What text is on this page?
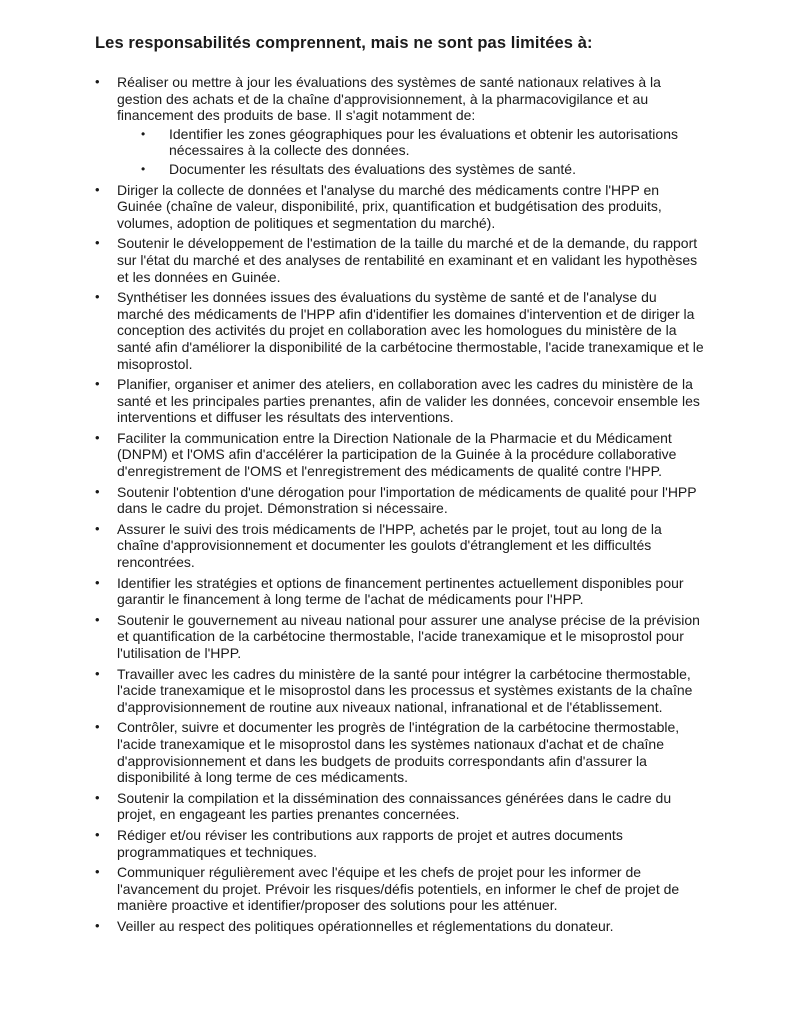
Les responsabilités comprennent, mais ne sont pas limitées à:
• Réaliser ou mettre à jour les évaluations des systèmes de santé nationaux relatives à la gestion des achats et de la chaîne d'approvisionnement, à la pharmacovigilance et au financement des produits de base. Il s'agit notamment de:
•	Identifier les zones géographiques pour les évaluations et obtenir les autorisations nécessaires à la collecte des données.
•	Documenter les résultats des évaluations des systèmes de santé.
• Diriger la collecte de données et l'analyse du marché des médicaments contre l'HPP en Guinée (chaîne de valeur, disponibilité, prix, quantification et budgétisation des produits, volumes, adoption de politiques et segmentation du marché).
• Soutenir le développement de l'estimation de la taille du marché et de la demande, du rapport sur l'état du marché et des analyses de rentabilité en examinant et en validant les hypothèses et les données en Guinée.
• Synthétiser les données issues des évaluations du système de santé et de l'analyse du marché des médicaments de l'HPP afin d'identifier les domaines d'intervention et de diriger la conception des activités du projet en collaboration avec les homologues du ministère de la santé afin d'améliorer la disponibilité de la carbétocine thermostable, l'acide tranexamique et le misoprostol.
• Planifier, organiser et animer des ateliers, en collaboration avec les cadres du ministère de la santé et les principales parties prenantes, afin de valider les données, concevoir ensemble les interventions et diffuser les résultats des interventions.
• Faciliter la communication entre la Direction Nationale de la Pharmacie et du Médicament (DNPM) et l'OMS afin d'accélérer la participation de la Guinée à la procédure collaborative d'enregistrement de l'OMS et l'enregistrement des médicaments de qualité contre l'HPP.
• Soutenir l'obtention d'une dérogation pour l'importation de médicaments de qualité pour l'HPP dans le cadre du projet. Démonstration si nécessaire.
• Assurer le suivi des trois médicaments de l'HPP, achetés par le projet, tout au long de la chaîne d'approvisionnement et documenter les goulots d'étranglement et les difficultés rencontrées.
• Identifier les stratégies et options de financement pertinentes actuellement disponibles pour garantir le financement à long terme de l'achat de médicaments pour l'HPP.
• Soutenir le gouvernement au niveau national pour assurer une analyse précise de la prévision et quantification de la carbétocine thermostable, l'acide tranexamique et le misoprostol pour l'utilisation de l'HPP.
• Travailler avec les cadres du ministère de la santé pour intégrer la carbétocine thermostable, l'acide tranexamique et le misoprostol dans les processus et systèmes existants de la chaîne d'approvisionnement de routine aux niveaux national, infranational et de l'établissement.
• Contrôler, suivre et documenter les progrès de l'intégration de la carbétocine thermostable, l'acide tranexamique et le misoprostol dans les systèmes nationaux d'achat et de chaîne d'approvisionnement et dans les budgets de produits correspondants afin d'assurer la disponibilité à long terme de ces médicaments.
• Soutenir la compilation et la dissémination des connaissances générées dans le cadre du projet, en engageant les parties prenantes concernées.
• Rédiger et/ou réviser les contributions aux rapports de projet et autres documents programmatiques et techniques.
• Communiquer régulièrement avec l'équipe et les chefs de projet pour les informer de l'avancement du projet. Prévoir les risques/défis potentiels, en informer le chef de projet de manière proactive et identifier/proposer des solutions pour les atténuer.
• Veiller au respect des politiques opérationnelles et réglementations du donateur.
